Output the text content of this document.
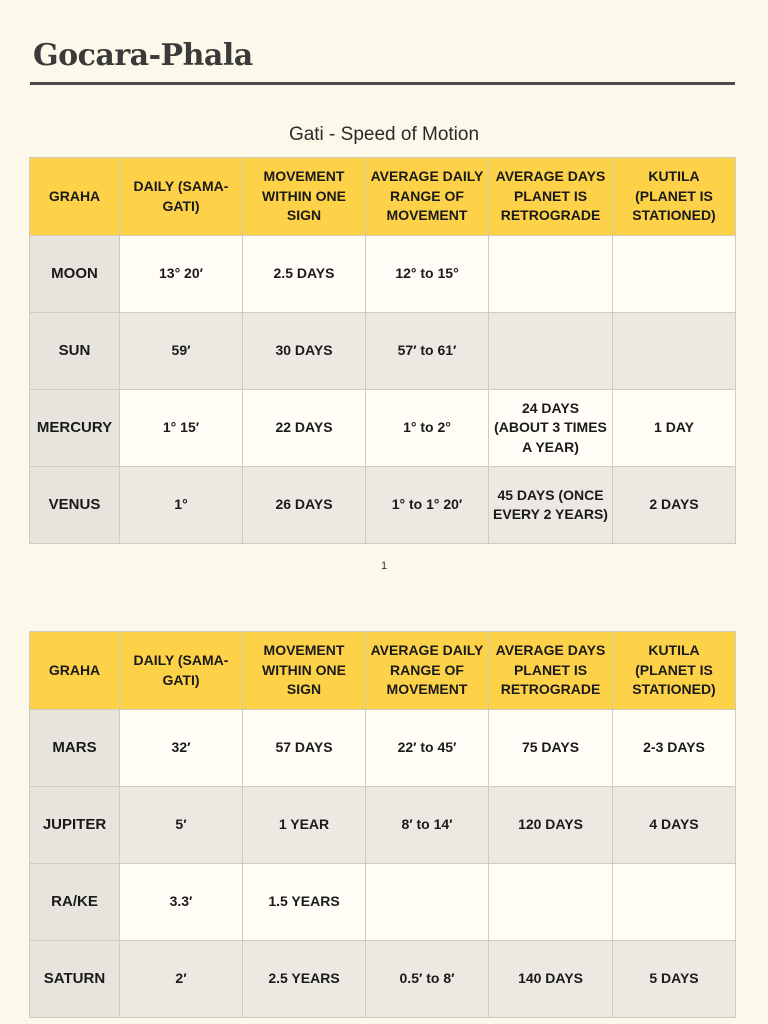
Gocara-Phala
Gati - Speed of Motion
GRAHA	DAILY (SAMA-GATI)	MOVEMENT WITHIN ONE SIGN	AVERAGE DAILY RANGE OF MOVEMENT	AVERAGE DAYS PLANET IS RETROGRADE	KUTILA (PLANET IS STATIONED)
MOON	13° 20′	2.5 DAYS	12° to 15°		
SUN	59′	30 DAYS	57′ to 61′		
MERCURY	1° 15′	22 DAYS	1° to 2°	24 DAYS (ABOUT 3 TIMES A YEAR)	1 DAY
VENUS	1°	26 DAYS	1° to 1° 20′	45 DAYS (ONCE EVERY 2 YEARS)	2 DAYS
1
GRAHA	DAILY (SAMA-GATI)	MOVEMENT WITHIN ONE SIGN	AVERAGE DAILY RANGE OF MOVEMENT	AVERAGE DAYS PLANET IS RETROGRADE	KUTILA (PLANET IS STATIONED)
MARS	32′	57 DAYS	22′ to 45′	75 DAYS	2-3 DAYS
JUPITER	5′	1 YEAR	8′ to 14′	120 DAYS	4 DAYS
RA/KE	3.3′	1.5 YEARS			
SATURN	2′	2.5 YEARS	0.5′ to 8′	140 DAYS	5 DAYS
